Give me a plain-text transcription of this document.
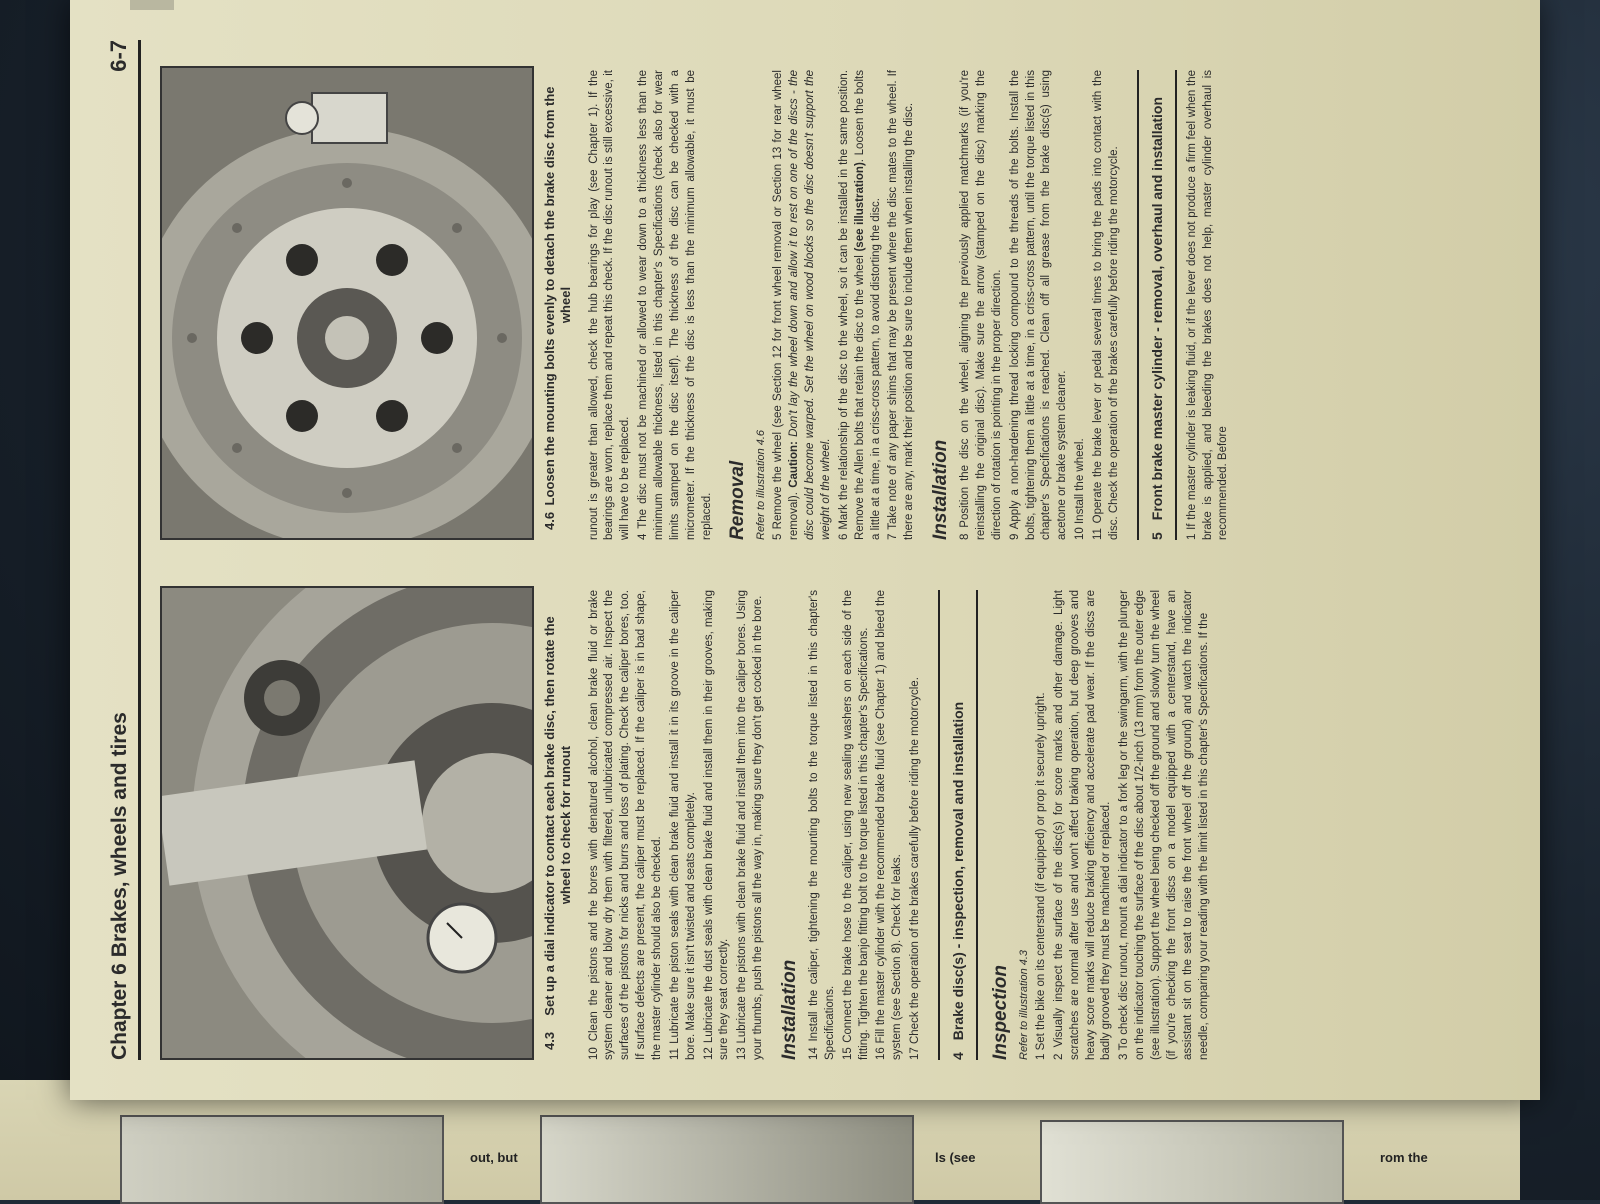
out, but	ls (see	rom the
Chapter 6 Brakes, wheels and tires
6-7
4.3
Set up a dial indicator to contact each brake disc, then rotate the wheel to check for runout 10 Clean the pistons and the bores with denatured alcohol, clean brake fluid or brake system cleaner and blow dry them with filtered, unlubricated compressed air. Inspect the surfaces of the pistons for nicks and burrs and loss of plating. Check the caliper bores, too. If surface defects are present, the caliper must be replaced. If the caliper is in bad shape, the master cylinder should also be checked. 11 Lubricate the piston seals with clean brake fluid and install it in its groove in the caliper bore. Make sure it isn't twisted and seats completely. 12 Lubricate the dust seals with clean brake fluid and install them in their grooves, making sure they seat correctly. 13 Lubricate the pistons with clean brake fluid and install them into the caliper bores. Using your thumbs, push the pistons all the way in, making sure they don't get cocked in the bore. Installation 14 Install the caliper, tightening the mounting bolts to the torque listed in this chapter's Specifications. 15 Connect the brake hose to the caliper, using new sealing washers on each side of the fitting. Tighten the banjo fitting bolt to the torque listed in this chapter's Specifications. 16 Fill the master cylinder with the recommended brake fluid (see Chapter 1) and bleed the system (see Section 8). Check for leaks. 17 Check the operation of the brakes carefully before riding the motorcycle. 4
Brake disc(s) - inspection, removal and installation Inspection Refer to illustration 4.3 1 Set the bike on its centerstand (if equipped) or prop it securely upright. 2 Visually inspect the surface of the disc(s) for score marks and other damage. Light scratches are normal after use and won't affect braking operation, but deep grooves and heavy score marks will reduce braking efficiency and accelerate pad wear. If the discs are badly grooved they must be machined or replaced. 3 To check disc runout, mount a dial indicator to a fork leg or the swingarm, with the plunger on the indicator touching the surface of the disc about 1/2-inch (13 mm) from the outer edge (see illustration). Support the wheel being checked off the ground and slowly turn the wheel (if you're checking the front discs on a model equipped with a centerstand, have an assistant sit on the seat to raise the front wheel off the ground) and watch the indicator needle, comparing your reading with the limit listed in this chapter's Specifications. If the

4.6
Loosen the mounting bolts evenly to detach the brake disc from the wheel runout is greater than allowed, check the hub bearings for play (see Chapter 1). If the bearings are worn, replace them and repeat this check. If the disc runout is still excessive, it will have to be replaced. 4 The disc must not be machined or allowed to wear down to a thickness less than the minimum allowable thickness, listed in this chapter's Specifications (check also for wear limits stamped on the disc itself). The thickness of the disc can be checked with a micrometer. If the thickness of the disc is less than the minimum allowable, it must be replaced. Removal Refer to illustration 4.6 5 Remove the wheel (see Section 12 for front wheel removal or Section 13 for rear wheel removal). Caution: Don't lay the wheel down and allow it to rest on one of the discs - the disc could become warped. Set the wheel on wood blocks so the disc doesn't support the weight of the wheel. 6 Mark the relationship of the disc to the wheel, so it can be installed in the same position. Remove the Allen bolts that retain the disc to the wheel (see illustration). Loosen the bolts a little at a time, in a criss-cross pattern, to avoid distorting the disc. 7 Take note of any paper shims that may be present where the disc mates to the wheel. If there are any, mark their position and be sure to include them when installing the disc. Installation 8 Position the disc on the wheel, aligning the previously applied matchmarks (if you're reinstalling the original disc). Make sure the arrow (stamped on the disc) marking the direction of rotation is pointing in the proper direction. 9 Apply a non-hardening thread locking compound to the threads of the bolts. Install the bolts, tightening them a little at a time, in a criss-cross pattern, until the torque listed in this chapter's Specifications is reached. Clean off all grease from the brake disc(s) using acetone or brake system cleaner. 10 Install the wheel. 11 Operate the brake lever or pedal several times to bring the pads into contact with the disc. Check the operation of the brakes carefully before riding the motorcycle. 5
Front brake master cylinder - removal, overhaul and installation 1 If the master cylinder is leaking fluid, or if the lever does not produce a firm feel when the brake is applied, and bleeding the brakes does not help, master cylinder overhaul is recommended. Before
